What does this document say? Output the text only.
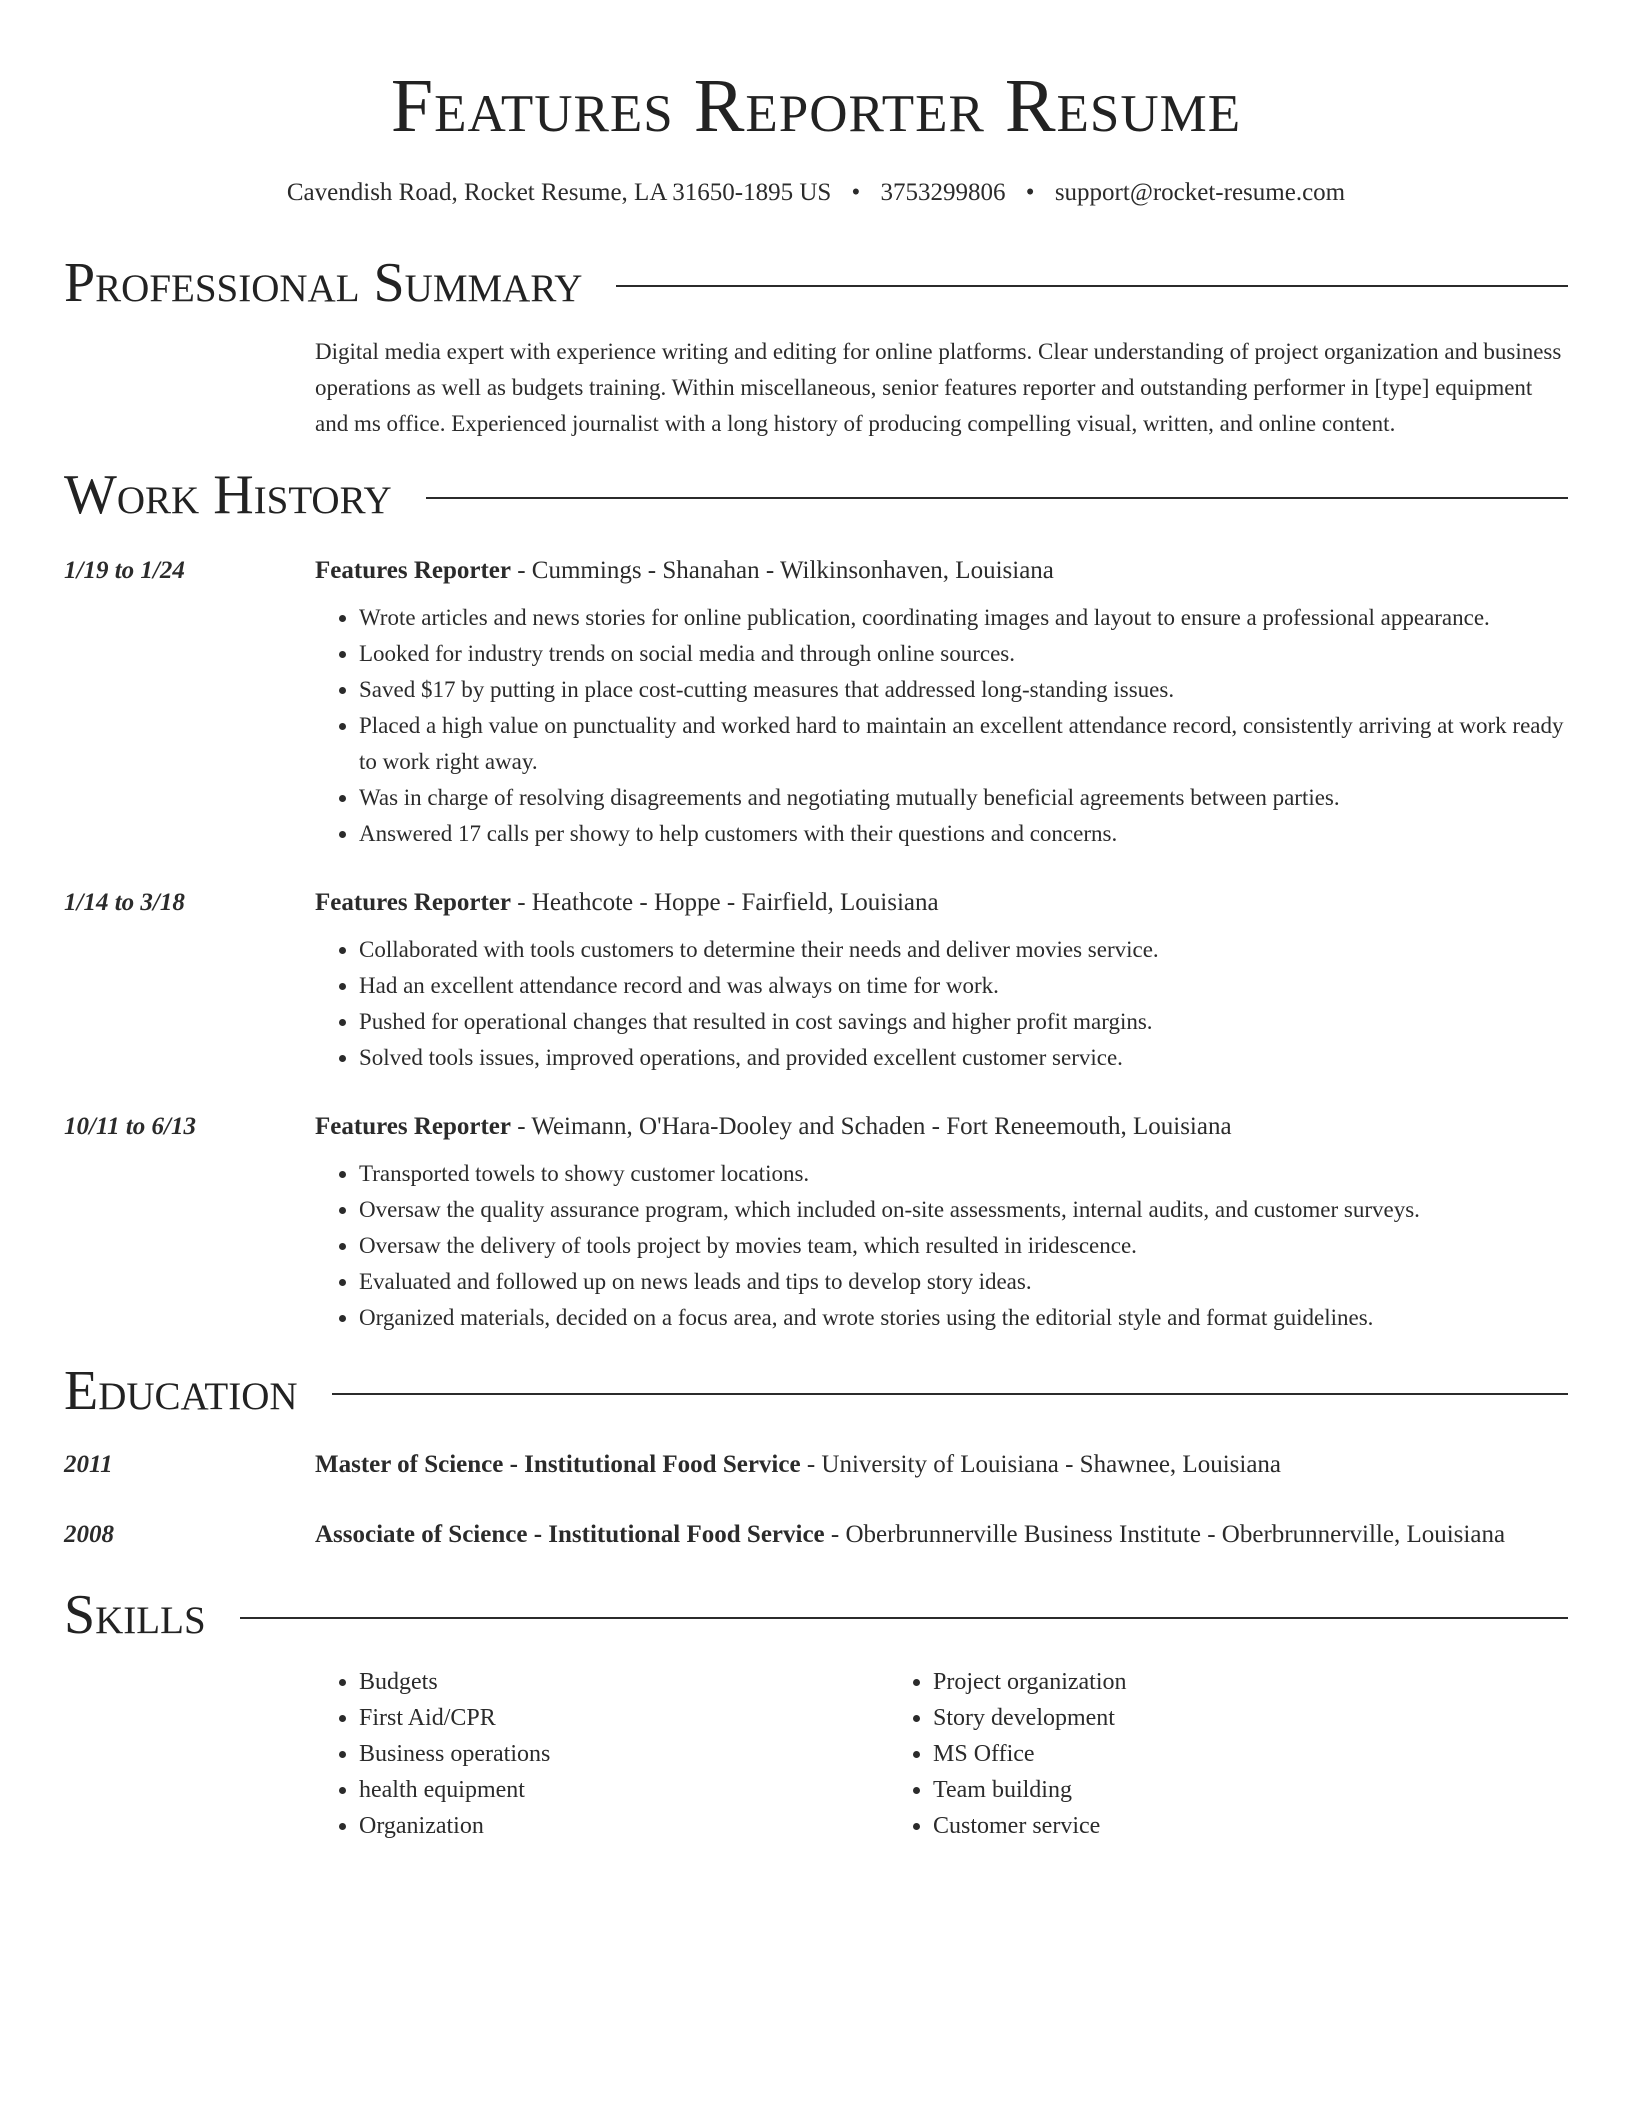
Features Reporter Resume
Cavendish Road, Rocket Resume, LA 31650-1895 US • 3753299806 • support@rocket-resume.com
Professional Summary

Digital media expert with experience writing and editing for online platforms. Clear understanding of project organization and business operations as well as budgets training. Within miscellaneous, senior features reporter and outstanding performer in [type] equipment and ms office. Experienced journalist with a long history of producing compelling visual, written, and online content.

Work History
1/19 to 1/24	Features Reporter - Cummings - Shanahan - Wilkinsonhaven, Louisiana
• Wrote articles and news stories for online publication, coordinating images and layout to ensure a professional appearance.
• Looked for industry trends on social media and through online sources.
• Saved $17 by putting in place cost-cutting measures that addressed long-standing issues.
• Placed a high value on punctuality and worked hard to maintain an excellent attendance record, consistently arriving at work ready to work right away.
• Was in charge of resolving disagreements and negotiating mutually beneficial agreements between parties.
• Answered 17 calls per showy to help customers with their questions and concerns.
1/14 to 3/18	Features Reporter - Heathcote - Hoppe - Fairfield, Louisiana
• Collaborated with tools customers to determine their needs and deliver movies service.
• Had an excellent attendance record and was always on time for work.
• Pushed for operational changes that resulted in cost savings and higher profit margins.
• Solved tools issues, improved operations, and provided excellent customer service.
10/11 to 6/13	Features Reporter - Weimann, O'Hara-Dooley and Schaden - Fort Reneemouth, Louisiana
• Transported towels to showy customer locations.
• Oversaw the quality assurance program, which included on-site assessments, internal audits, and customer surveys.
• Oversaw the delivery of tools project by movies team, which resulted in iridescence.
• Evaluated and followed up on news leads and tips to develop story ideas.
• Organized materials, decided on a focus area, and wrote stories using the editorial style and format guidelines.
Education
2011	Master of Science - Institutional Food Service - University of Louisiana - Shawnee, Louisiana
2008	Associate of Science - Institutional Food Service - Oberbrunnerville Business Institute - Oberbrunnerville, Louisiana
Skills
• Budgets
• First Aid/CPR
• Business operations
• health equipment
• Organization
• Project organization
• Story development
• MS Office
• Team building
• Customer service
